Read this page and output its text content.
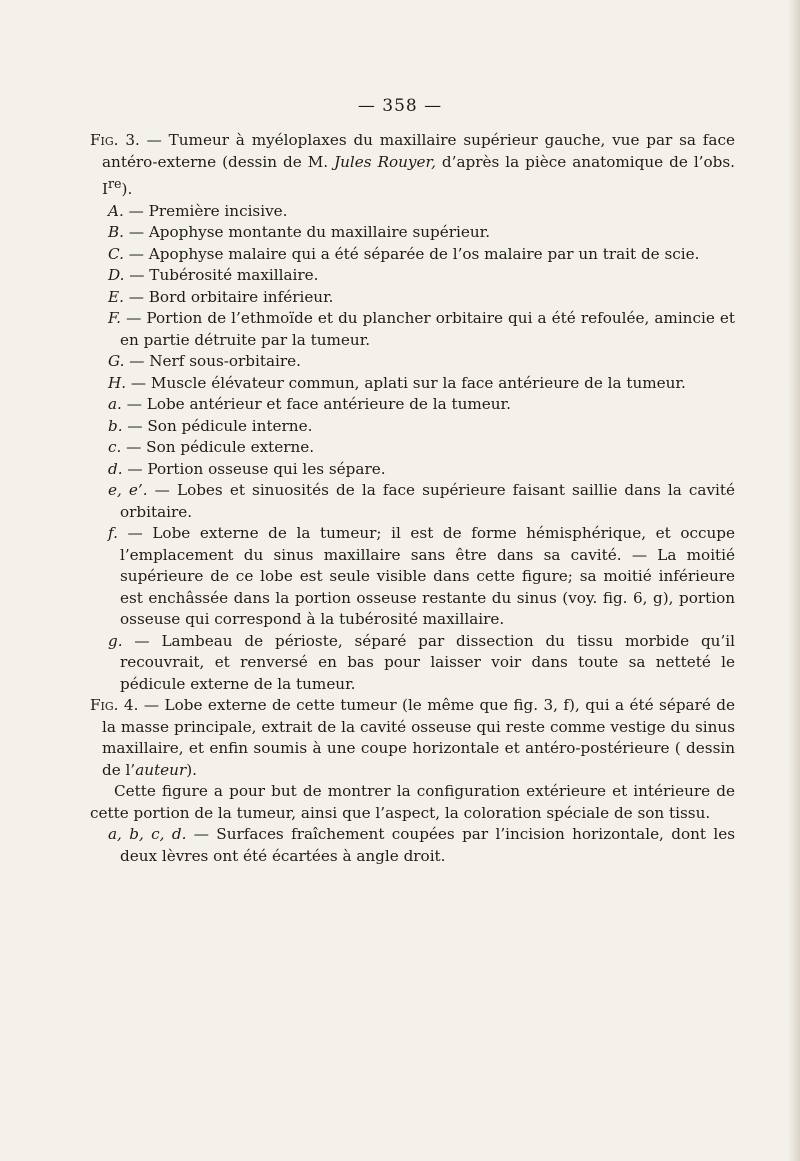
— 358 —

Fig. 3. — Tumeur à myéloplaxes du maxillaire supérieur gauche, vue par sa face antéro-externe (dessin de M. Jules Rouyer, d’après la pièce anatomique de l’obs. Ire).

A. — Première incisive.

B. — Apophyse montante du maxillaire supérieur.

C. — Apophyse malaire qui a été séparée de l’os malaire par un trait de scie.

D. — Tubérosité maxillaire.

E. — Bord orbitaire inférieur.

F. — Portion de l’ethmoïde et du plancher orbitaire qui a été refoulée, amincie et en partie détruite par la tumeur.

G. — Nerf sous-orbitaire.

H. — Muscle élévateur commun, aplati sur la face antérieure de la tumeur.

a. — Lobe antérieur et face antérieure de la tumeur.

b. — Son pédicule interne.

c. — Son pédicule externe.

d. — Portion osseuse qui les sépare.

e, e’. — Lobes et sinuosités de la face supérieure faisant saillie dans la cavité orbitaire.

f. — Lobe externe de la tumeur; il est de forme hémisphérique, et occupe l’emplacement du sinus maxillaire sans être dans sa cavité. — La moitié supérieure de ce lobe est seule visible dans cette figure; sa moitié inférieure est enchâssée dans la portion osseuse restante du sinus (voy. fig. 6, g), portion osseuse qui correspond à la tubérosité maxillaire.

g. — Lambeau de périoste, séparé par dissection du tissu morbide qu’il recouvrait, et renversé en bas pour laisser voir dans toute sa netteté le pédicule externe de la tumeur.

Fig. 4. — Lobe externe de cette tumeur (le même que fig. 3, f), qui a été séparé de la masse principale, extrait de la cavité osseuse qui reste comme vestige du sinus maxillaire, et enfin soumis à une coupe horizontale et antéro-postérieure ( dessin de l’auteur).

Cette figure a pour but de montrer la configuration extérieure et intérieure de cette portion de la tumeur, ainsi que l’aspect, la coloration spéciale de son tissu.

a, b, c, d. — Surfaces fraîchement coupées par l’incision horizontale, dont les deux lèvres ont été écartées à angle droit.
